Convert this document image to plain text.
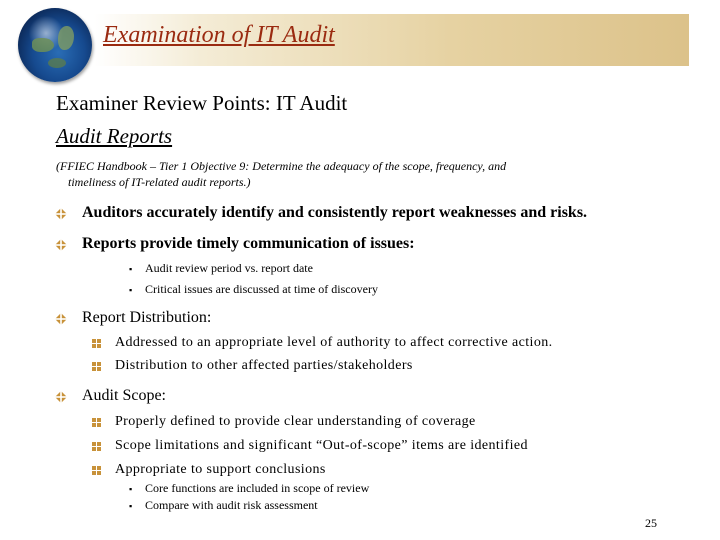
Examination of IT Audit
Examiner Review Points: IT Audit
Audit Reports
(FFIEC Handbook – Tier 1 Objective 9: Determine the adequacy of the scope, frequency, and
timeliness of IT-related audit reports.)
Auditors accurately identify and consistently report weaknesses and risks.
Reports provide timely communication of issues:
▪ Audit review period vs. report date
▪ Critical issues are discussed at time of discovery
Report Distribution:
Addressed to an appropriate level of authority to affect corrective action.
Distribution to other affected parties/stakeholders
Audit Scope:
Properly defined to provide clear understanding of coverage
Scope limitations and significant “Out-of-scope” items are identified
Appropriate to support conclusions
▪ Core functions are included in scope of review
▪ Compare with audit risk assessment
25
